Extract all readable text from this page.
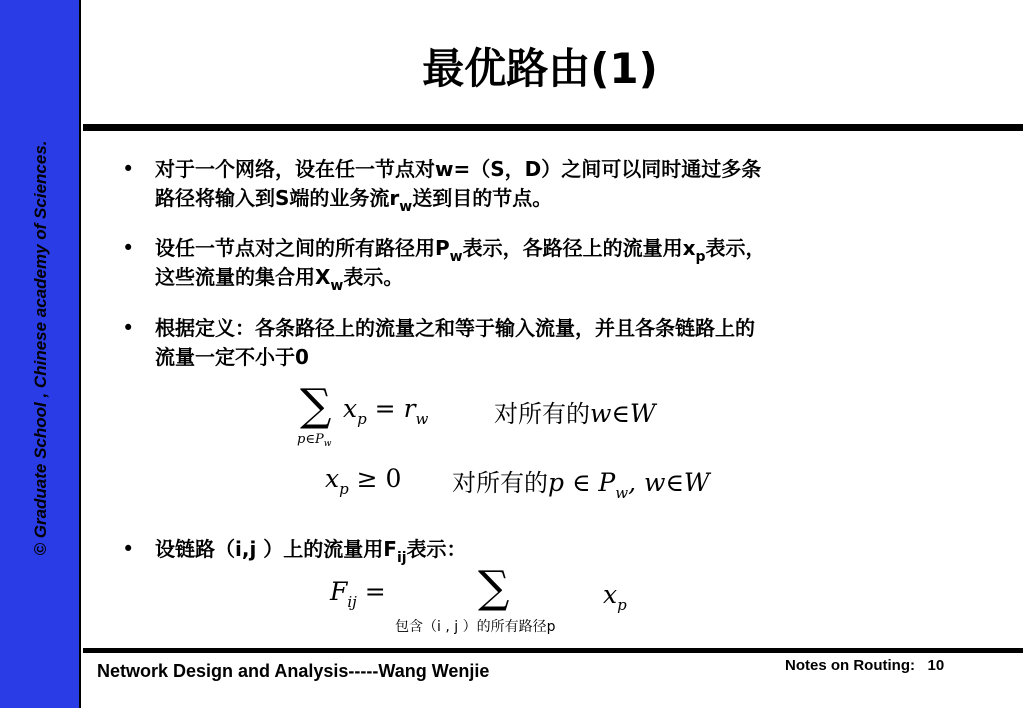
© Graduate School , Chinese academy of Sciences.
最优路由(1)
• 对于一个网络，设在任一节点对w=（S，D）之间可以同时通过多条
路径将输入到S端的业务流$r_w$送到目的节点。
• 设任一节点对之间的所有路径用$P_w$表示，各路径上的流量用$x_p$表示，
这些流量的集合用$X_w$表示。
• 根据定义：各条路径上的流量之和等于输入流量，并且各条链路上的
流量一定不小于0
∑
$p\in P_w$
$x_p = r_w$	对所有的w∈W
$x_p \ge 0$ 对所有的p ∈ $P_w$, w∈W
• 设链路（i,j ）上的流量用$F_{ij}$表示：
$F_{ij}$ = ∑	$x_p$
包含（i , j ）的所有路径p
Network Design and Analysis-----Wang Wenjie	Notes on Routing: 10
